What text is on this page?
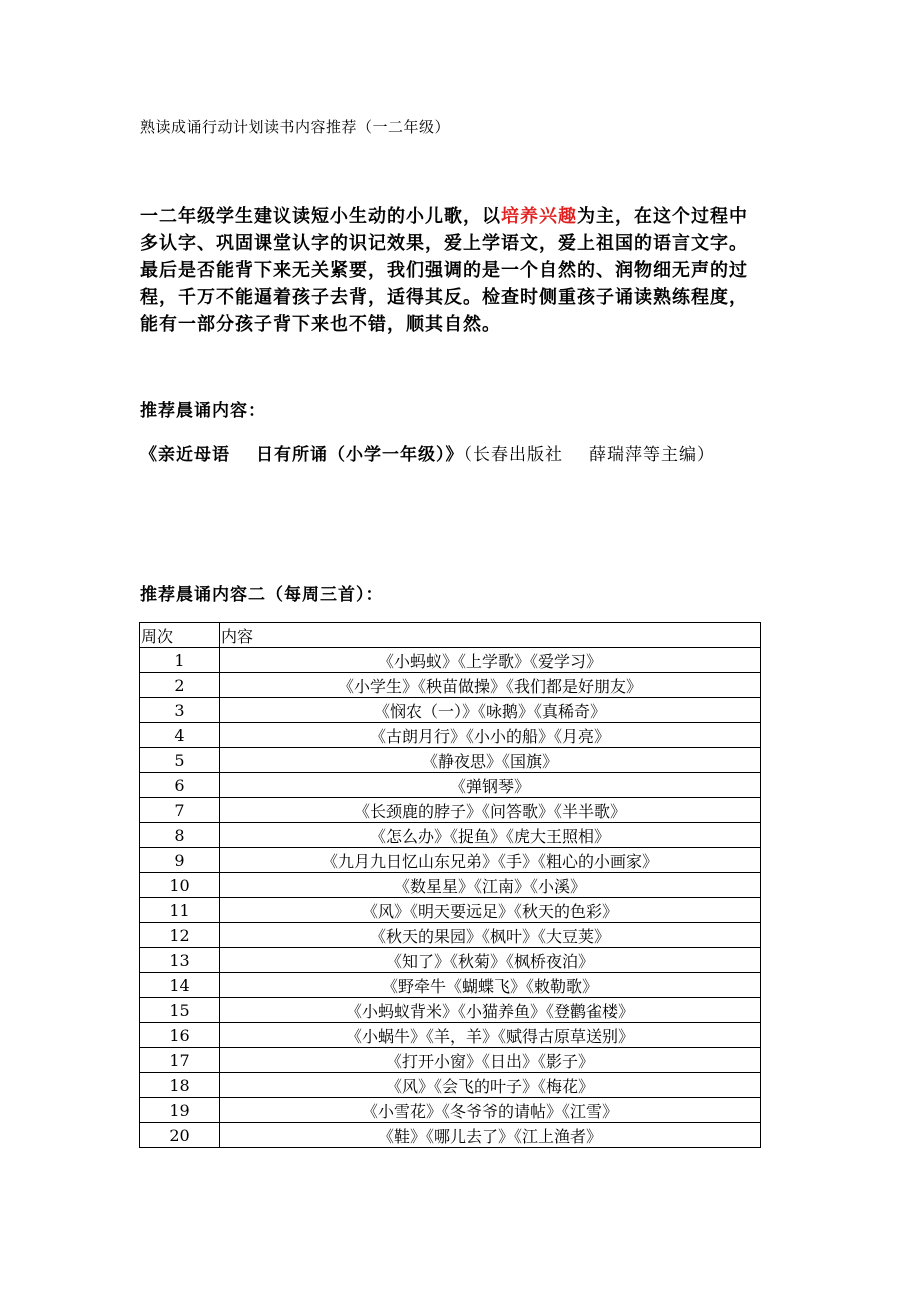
熟读成诵行动计划读书内容推荐（一二年级）
一二年级学生建议读短小生动的小儿歌，以培养兴趣为主，在这个过程中多认字、巩固课堂认字的识记效果，爱上学语文，爱上祖国的语言文字。最后是否能背下来无关紧要，我们强调的是一个自然的、润物细无声的过程，千万不能逼着孩子去背，适得其反。检查时侧重孩子诵读熟练程度，能有一部分孩子背下来也不错，顺其自然。
推荐晨诵内容：
《亲近母语 日有所诵（小学一年级）》（长春出版社 薛瑞萍等主编）
推荐晨诵内容二（每周三首）：
周次	内容
1	《小蚂蚁》《上学歌》《爱学习》
2	《小学生》《秧苗做操》《我们都是好朋友》
3	《悯农（一）》《咏鹅》《真稀奇》
4	《古朗月行》《小小的船》《月亮》
5	《静夜思》《国旗》
6	《弹钢琴》
7	《长颈鹿的脖子》《问答歌》《半半歌》
8	《怎么办》《捉鱼》《虎大王照相》
9	《九月九日忆山东兄弟》《手》《粗心的小画家》
10	《数星星》《江南》《小溪》
11	《风》《明天要远足》《秋天的色彩》
12	《秋天的果园》《枫叶》《大豆荚》
13	《知了》《秋菊》《枫桥夜泊》
14	《野牵牛《蝴蝶飞》《敕勒歌》
15	《小蚂蚁背米》《小猫养鱼》《登鹳雀楼》
16	《小蜗牛》《羊，羊》《赋得古原草送别》
17	《打开小窗》《日出》《影子》
18	《风》《会飞的叶子》《梅花》
19	《小雪花》《冬爷爷的请帖》《江雪》
20	《鞋》《哪儿去了》《江上渔者》
